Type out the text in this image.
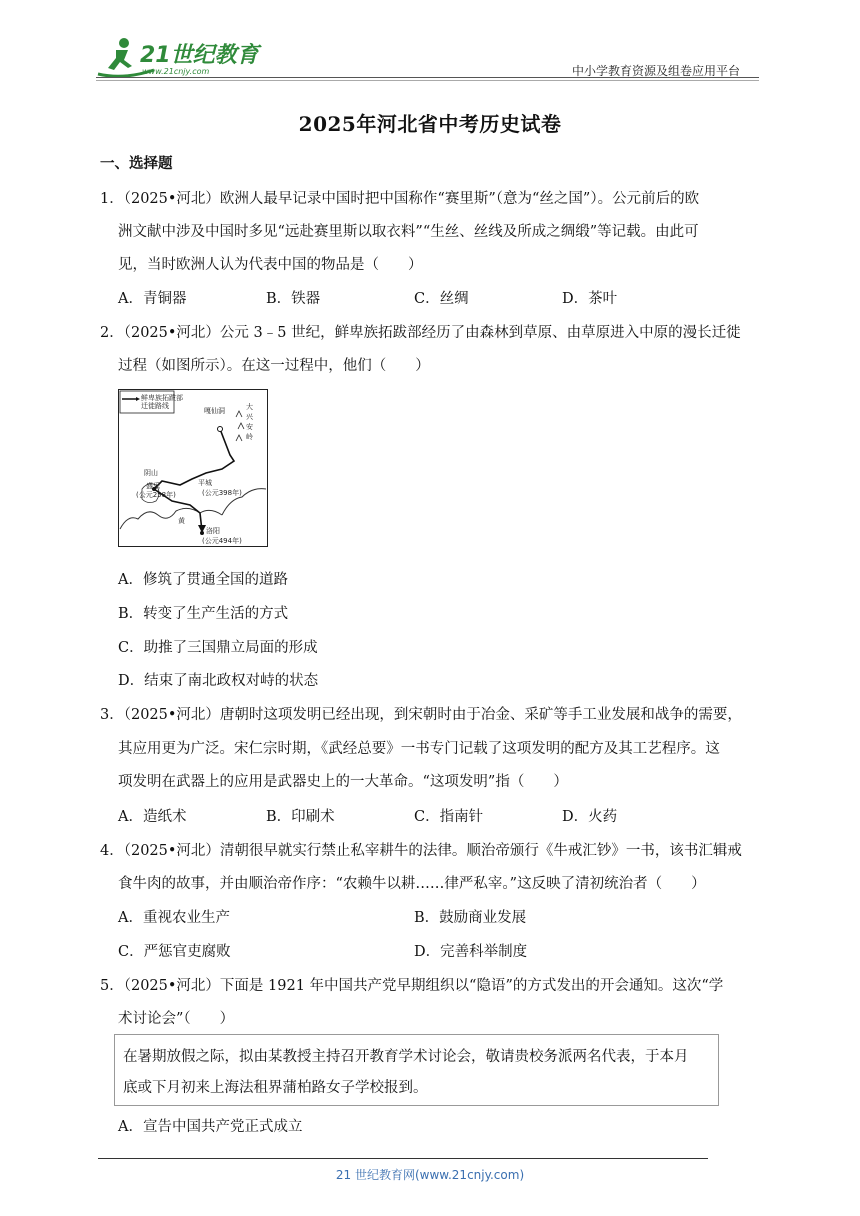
21世纪教育
www.21cnjy.com	中小学教育资源及组卷应用平台
2025年河北省中考历史试卷
一、选择题
1．（2025•河北）欧洲人最早记录中国时把中国称作“赛里斯”（意为“丝之国”）。公元前后的欧
洲文献中涉及中国时多见“远赴赛里斯以取衣料”“生丝、丝线及所成之绸缎”等记载。由此可
见，当时欧洲人认为代表中国的物品是（　　）
A．青铜器	B．铁器	C．丝绸	D．茶叶
2．（2025•河北）公元 3﹣5 世纪，鲜卑族拓跋部经历了由森林到草原、由草原进入中原的漫长迁徙
过程（如图所示）。在这一过程中，他们（　　）
鲜卑族拓跋部
迁徙路线
嘎仙洞	大
兴
安
岭
阴山
盛乐
(公元258年)
平城
(公元398年)
洛阳
(公元494年)
黄
A．修筑了贯通全国的道路
B．转变了生产生活的方式
C．助推了三国鼎立局面的形成
D．结束了南北政权对峙的状态
3．（2025•河北）唐朝时这项发明已经出现，到宋朝时由于冶金、采矿等手工业发展和战争的需要，
其应用更为广泛。宋仁宗时期，《武经总要》一书专门记载了这项发明的配方及其工艺程序。这
项发明在武器上的应用是武器史上的一大革命。“这项发明”指（　　）
A．造纸术	B．印刷术	C．指南针	D．火药
4．（2025•河北）清朝很早就实行禁止私宰耕牛的法律。顺治帝颁行《牛戒汇钞》一书，该书汇辑戒
食牛肉的故事，并由顺治帝作序：“农赖牛以耕……律严私宰。”这反映了清初统治者（　　）
A．重视农业生产	B．鼓励商业发展
C．严惩官吏腐败	D．完善科举制度
5．（2025•河北）下面是 1921 年中国共产党早期组织以“隐语”的方式发出的开会通知。这次“学
术讨论会”（　　）
在暑期放假之际，拟由某教授主持召开教育学术讨论会，敬请贵校务派两名代表，于本月
底或下月初来上海法租界蒲柏路女子学校报到。
A．宣告中国共产党正式成立
21 世纪教育网(www.21cnjy.com)
